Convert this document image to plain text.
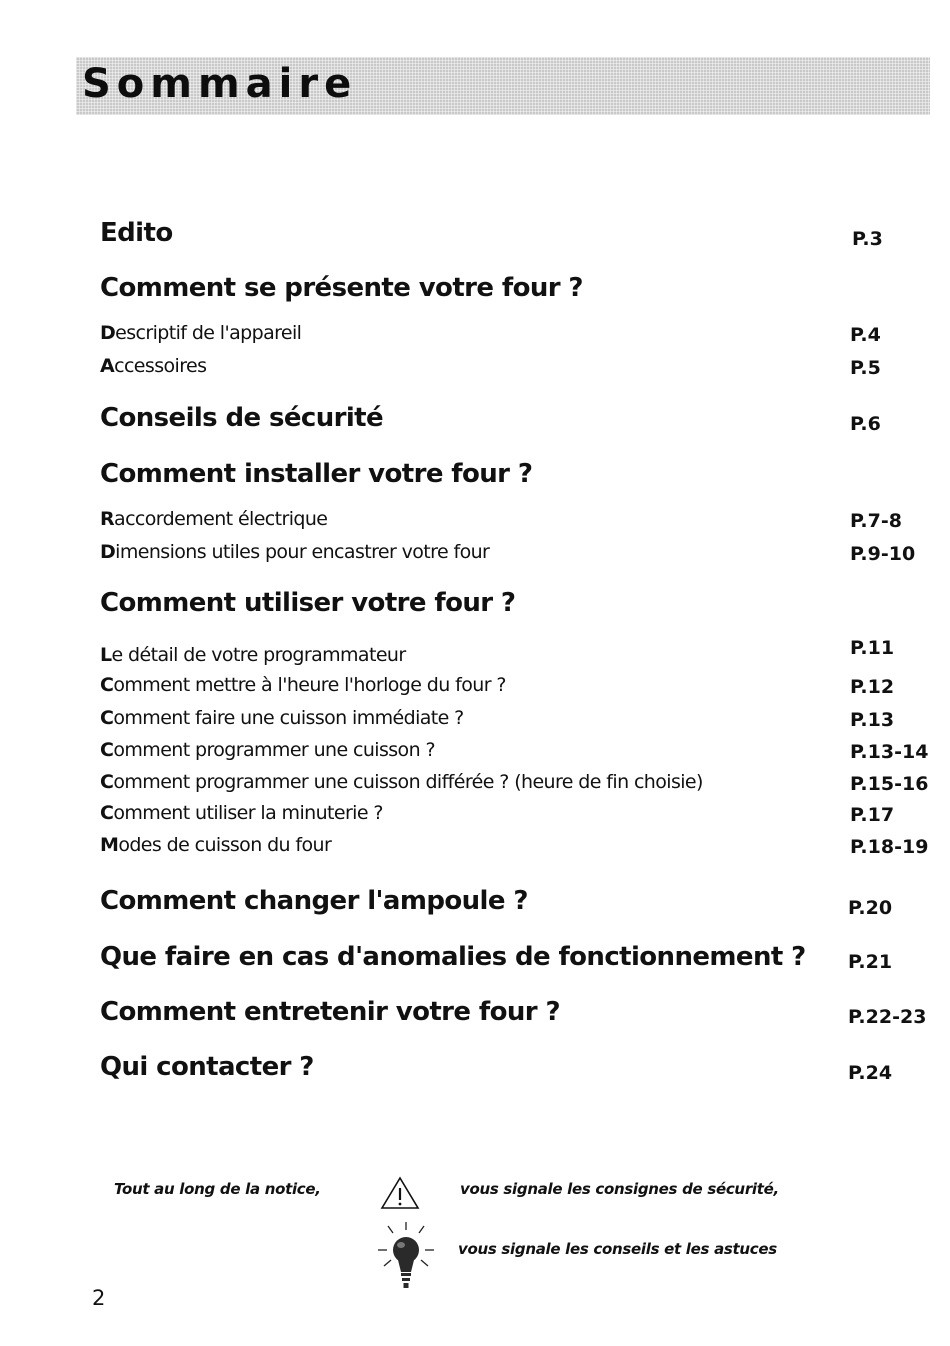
Sommaire
Edito	P.3
Comment se présente votre four ?
Descriptif de l'appareil	P.4
Accessoires	P.5
Conseils de sécurité	P.6
Comment installer votre four ?
Raccordement électrique	P.7-8
Dimensions utiles pour encastrer votre four	P.9-10
Comment utiliser votre four ?
Le détail de votre programmateur	P.11
Comment mettre à l'heure l'horloge du four ?	P.12
Comment faire une cuisson immédiate ?	P.13
Comment programmer une cuisson ?	P.13-14
Comment programmer une cuisson différée ? (heure de fin choisie)	P.15-16
Comment utiliser la minuterie ?	P.17
Modes de cuisson du four	P.18-19
Comment changer l'ampoule ?	P.20
Que faire en cas d'anomalies de fonctionnement ?	P.21
Comment entretenir votre four ?	P.22-23
Qui contacter ?	P.24
Tout au long de la notice,	vous signale les consignes de sécurité,
vous signale les conseils et les astuces
2
